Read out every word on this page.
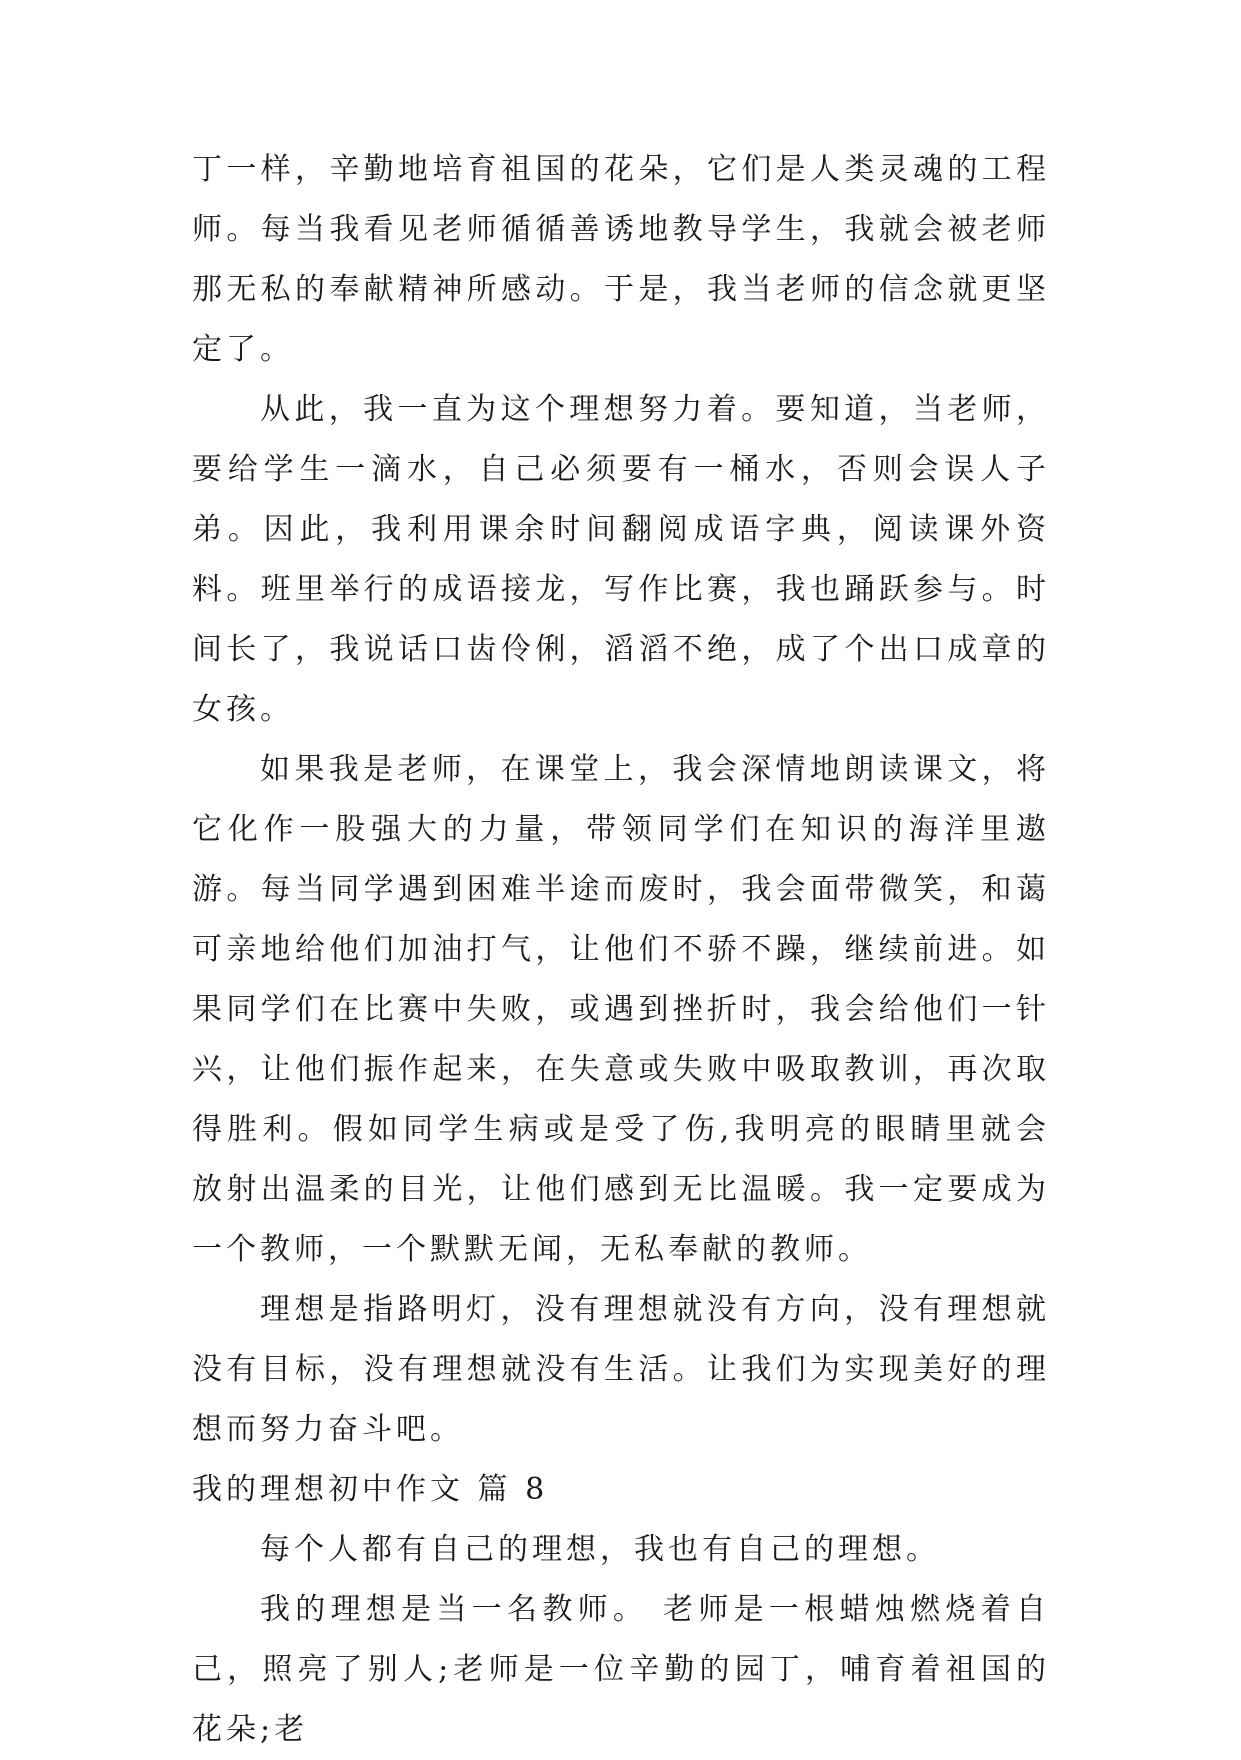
丁一样，辛勤地培育祖国的花朵，它们是人类灵魂的工程师。每当我看见老师循循善诱地教导学生，我就会被老师那无私的奉献精神所感动。于是，我当老师的信念就更坚定了。

从此，我一直为这个理想努力着。要知道，当老师，要给学生一滴水，自己必须要有一桶水，否则会误人子弟。因此，我利用课余时间翻阅成语字典，阅读课外资料。班里举行的成语接龙，写作比赛，我也踊跃参与。时间长了，我说话口齿伶俐，滔滔不绝，成了个出口成章的女孩。

如果我是老师，在课堂上，我会深情地朗读课文，将它化作一股强大的力量，带领同学们在知识的海洋里遨游。每当同学遇到困难半途而废时，我会面带微笑，和蔼可亲地给他们加油打气，让他们不骄不躁，继续前进。如果同学们在比赛中失败，或遇到挫折时，我会给他们一针兴，让他们振作起来，在失意或失败中吸取教训，再次取得胜利。假如同学生病或是受了伤,我明亮的眼睛里就会放射出温柔的目光，让他们感到无比温暖。我一定要成为一个教师，一个默默无闻，无私奉献的教师。

理想是指路明灯，没有理想就没有方向，没有理想就没有目标，没有理想就没有生活。让我们为实现美好的理想而努力奋斗吧。

我的理想初中作文 篇 8

每个人都有自己的理想，我也有自己的理想。

我的理想是当一名教师。 老师是一根蜡烛燃烧着自己，照亮了别人;老师是一位辛勤的园丁，哺育着祖国的花朵;老
